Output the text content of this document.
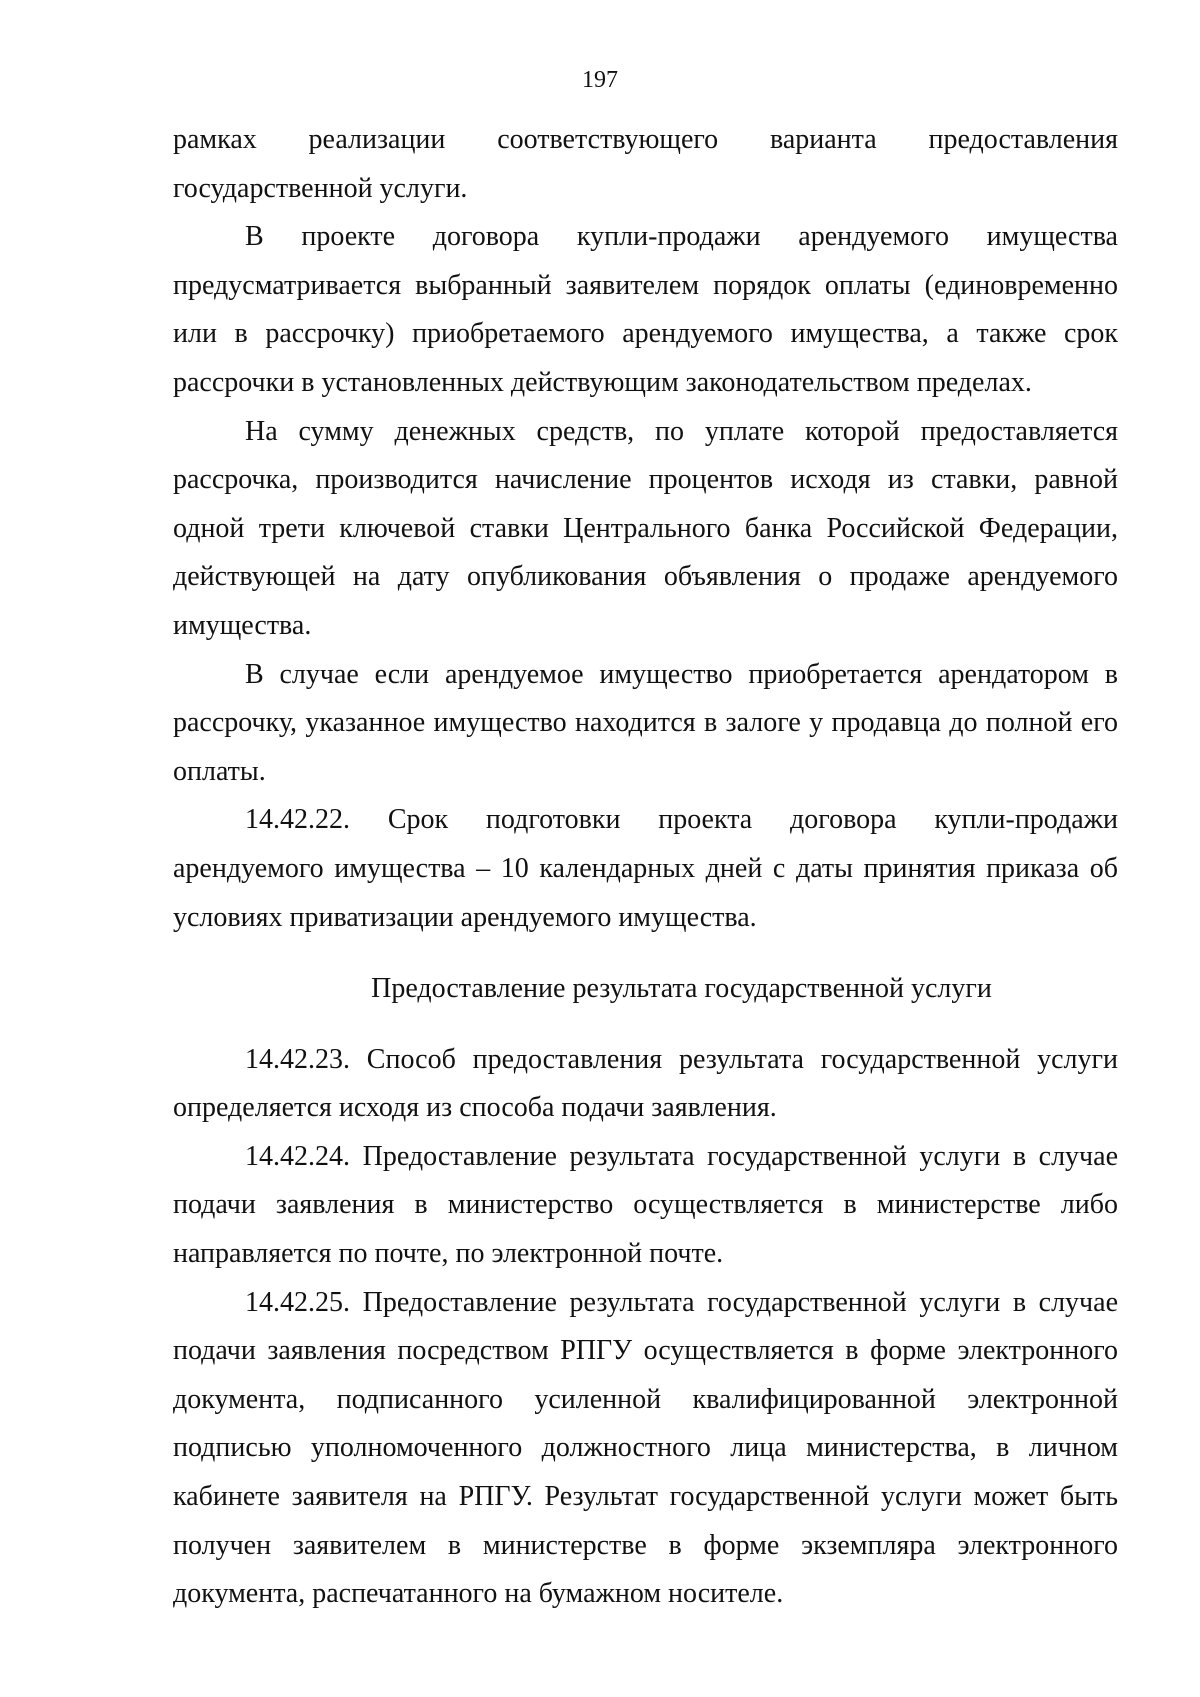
197

рамках реализации соответствующего варианта предоставления государственной услуги.

В проекте договора купли-продажи арендуемого имущества предусматривается выбранный заявителем порядок оплаты (единовременно или в рассрочку) приобретаемого арендуемого имущества, а также срок рассрочки в установленных действующим законодательством пределах.

На сумму денежных средств, по уплате которой предоставляется рассрочка, производится начисление процентов исходя из ставки, равной одной трети ключевой ставки Центрального банка Российской Федерации, действующей на дату опубликования объявления о продаже арендуемого имущества.

В случае если арендуемое имущество приобретается арендатором в рассрочку, указанное имущество находится в залоге у продавца до полной его оплаты.

14.42.22. Срок подготовки проекта договора купли-продажи арендуемого имущества – 10 календарных дней с даты принятия приказа об условиях приватизации арендуемого имущества.

Предоставление результата государственной услуги

14.42.23. Способ предоставления результата государственной услуги определяется исходя из способа подачи заявления.

14.42.24. Предоставление результата государственной услуги в случае подачи заявления в министерство осуществляется в министерстве либо направляется по почте, по электронной почте.

14.42.25. Предоставление результата государственной услуги в случае подачи заявления посредством РПГУ осуществляется в форме электронного документа, подписанного усиленной квалифицированной электронной подписью уполномоченного должностного лица министерства, в личном кабинете заявителя на РПГУ. Результат государственной услуги может быть получен заявителем в министерстве в форме экземпляра электронного документа, распечатанного на бумажном носителе.
